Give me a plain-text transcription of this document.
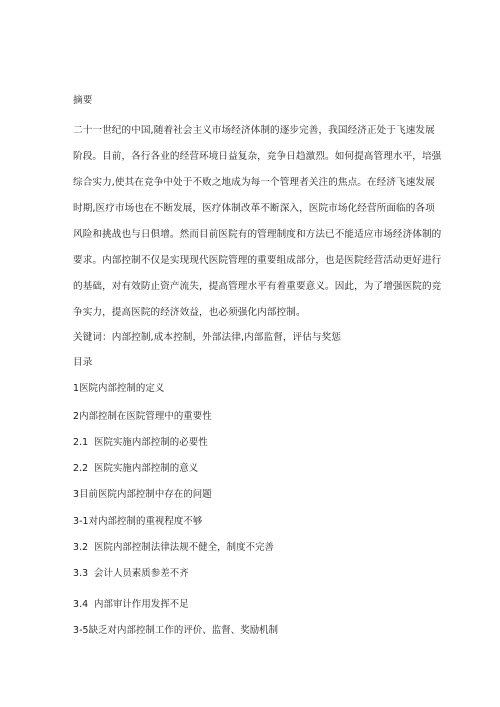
摘要
二十一世纪的中国,随着社会主义市场经济体制的逐步完善，我国经济正处于飞速发展
阶段。目前，各行各业的经营环境日益复杂，竞争日趋激烈。如何提高管理水平，培强
综合实力,使其在竞争中处于不败之地成为每一个管理者关注的焦点。在经济飞速发展
时期,医疗市场也在不断发展，医疗体制改革不断深入，医院市场化经营所面临的各项
风险和挑战也与日俱增。然而目前医院有的管理制度和方法已不能适应市场经济体制的
要求。内部控制不仅是实现现代医院管理的重要组成部分，也是医院经营活动更好进行
的基础，对有效防止资产流失，提高管理水平有着重要意义。因此，为了增强医院的竞
争实力，提高医院的经济效益，也必须强化内部控制。
关键词：内部控制,成本控制，外部法律,内部监督，评估与奖惩
目录
1医院内部控制的定义
2内部控制在医院管理中的重要性
2.1 医院实施内部控制的必要性
2.2 医院实施内部控制的意义
3目前医院内部控制中存在的问题
3-1对内部控制的重视程度不够
3.2 医院内部控制法律法规不健全，制度不完善
3.3 会计人员素质参差不齐
3.4 内部审计作用发挥不足
3-5缺乏对内部控制工作的评价、监督、奖励机制
